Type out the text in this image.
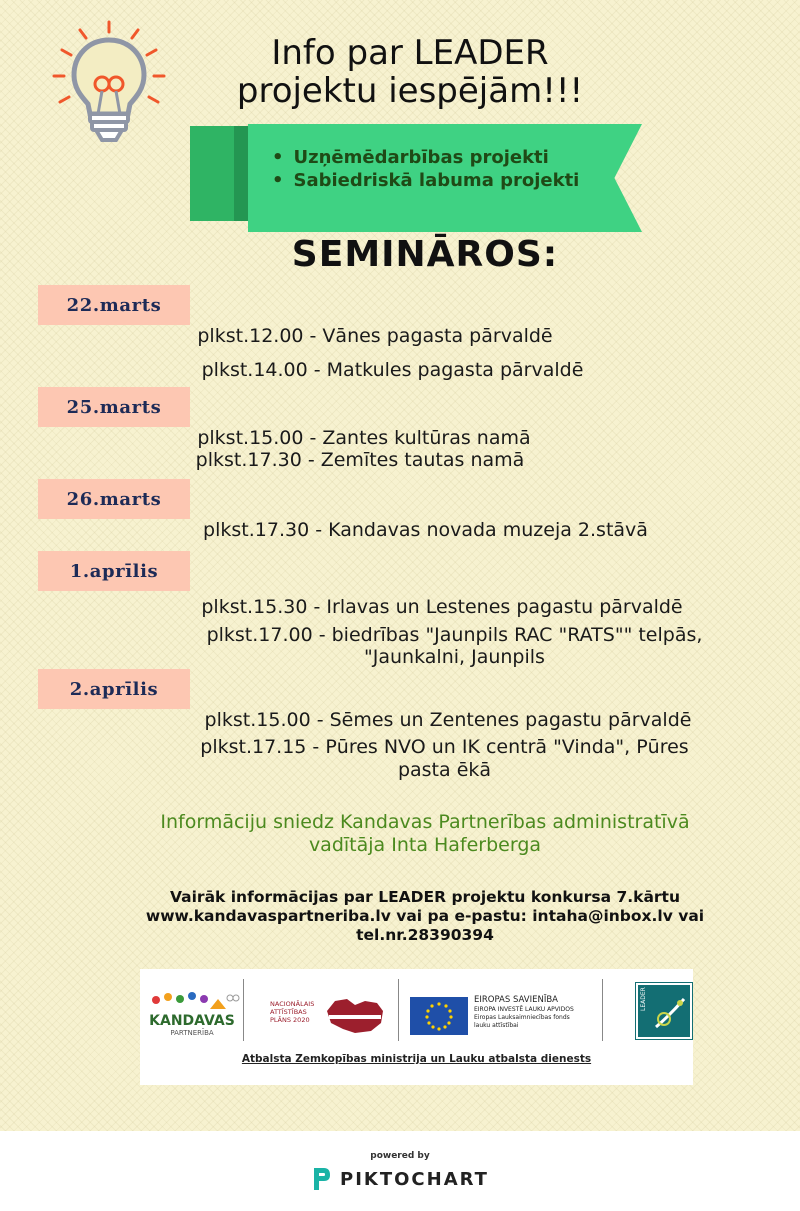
Info par LEADER
projektu iespējām!!!
• Uzņēmēdarbības projekti
• Sabiedriskā labuma projekti
SEMINĀROS:
22.marts
plkst.12.00 - Vānes pagasta pārvaldē
plkst.14.00 - Matkules pagasta pārvaldē
25.marts
plkst.15.00 - Zantes kultūras namā
plkst.17.30 - Zemītes tautas namā
26.marts
plkst.17.30 - Kandavas novada muzeja 2.stāvā
1.aprīlis
plkst.15.30 - Irlavas un Lestenes pagastu pārvaldē
plkst.17.00 - biedrības "Jaunpils RAC "RATS"" telpās,
"Jaunkalni, Jaunpils
2.aprīlis
plkst.15.00 - Sēmes un Zentenes pagastu pārvaldē
plkst.17.15 - Pūres NVO un IK centrā "Vinda", Pūres
pasta ēkā
Informāciju sniedz Kandavas Partnerības administratīvā
vadītāja Inta Haferberga
Vairāk informācijas par LEADER projektu konkursa 7.kārtu
www.kandavaspartneriba.lv vai pa e-pastu: intaha@inbox.lv vai
tel.nr.28390394
KANDAVAS
PARTNERĪBA
NACIONĀLAIS
ATTĪSTĪBAS
PLĀNS 2020
EIROPAS SAVIENĪBA
EIROPA INVESTĒ LAUKU APVIDOS
Eiropas Lauksaimniecības fonds
lauku attīstībai
LEADER
Atbalsta Zemkopības ministrija un Lauku atbalsta dienests
powered by
PIKTOCHART
